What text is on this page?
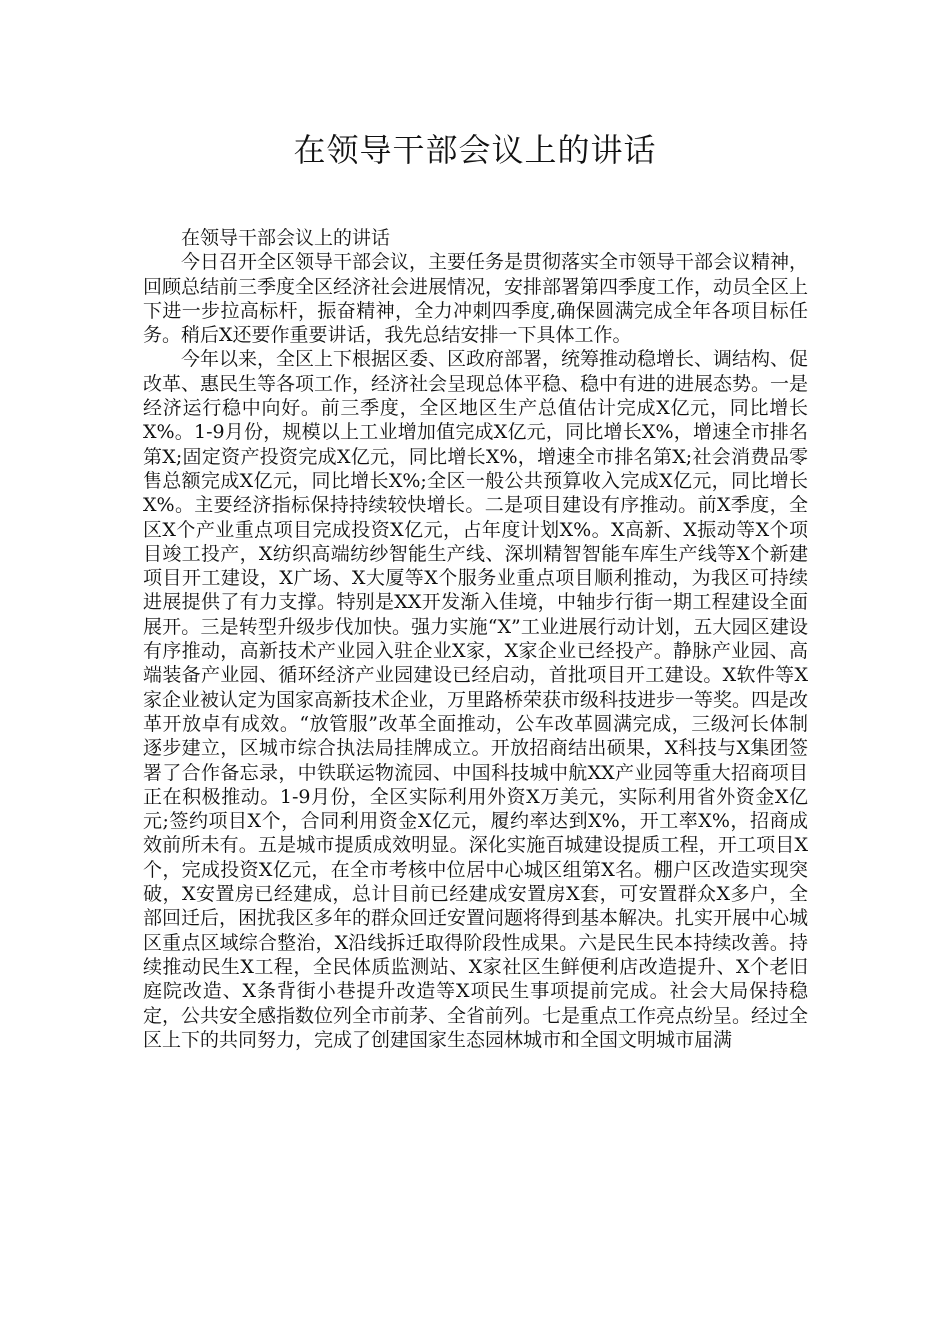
在领导干部会议上的讲话

在领导干部会议上的讲话

今日召开全区领导干部会议，主要任务是贯彻落实全市领导干部会议精神，回顾总结前三季度全区经济社会进展情况，安排部署第四季度工作，动员全区上下进一步拉高标杆，振奋精神，全力冲刺四季度,确保圆满完成全年各项目标任务。稍后X还要作重要讲话，我先总结安排一下具体工作。

今年以来，全区上下根据区委、区政府部署，统筹推动稳增长、调结构、促改革、惠民生等各项工作，经济社会呈现总体平稳、稳中有进的进展态势。一是经济运行稳中向好。前三季度，全区地区生产总值估计完成X亿元，同比增长X%。1-9月份，规模以上工业增加值完成X亿元，同比增长X%，增速全市排名第X;固定资产投资完成X亿元，同比增长X%，增速全市排名第X;社会消费品零售总额完成X亿元，同比增长X%;全区一般公共预算收入完成X亿元，同比增长X%。主要经济指标保持持续较快增长。二是项目建设有序推动。前X季度，全区X个产业重点项目完成投资X亿元，占年度计划X%。X高新、X振动等X个项目竣工投产，X纺织高端纺纱智能生产线、深圳精智智能车库生产线等X个新建项目开工建设，X广场、X大厦等X个服务业重点项目顺利推动，为我区可持续进展提供了有力支撑。特别是XX开发渐入佳境，中轴步行街一期工程建设全面展开。三是转型升级步伐加快。强力实施“X”工业进展行动计划，五大园区建设有序推动，高新技术产业园入驻企业X家，X家企业已经投产。静脉产业园、高端装备产业园、循环经济产业园建设已经启动，首批项目开工建设。X软件等X家企业被认定为国家高新技术企业，万里路桥荣获市级科技进步一等奖。四是改革开放卓有成效。“放管服”改革全面推动，公车改革圆满完成，三级河长体制逐步建立，区城市综合执法局挂牌成立。开放招商结出硕果，X科技与X集团签署了合作备忘录，中铁联运物流园、中国科技城中航XX产业园等重大招商项目正在积极推动。1-9月份，全区实际利用外资X万美元，实际利用省外资金X亿元;签约项目X个，合同利用资金X亿元，履约率达到X%，开工率X%，招商成效前所未有。五是城市提质成效明显。深化实施百城建设提质工程，开工项目X个，完成投资X亿元，在全市考核中位居中心城区组第X名。棚户区改造实现突破，X安置房已经建成，总计目前已经建成安置房X套，可安置群众X多户，全部回迁后，困扰我区多年的群众回迁安置问题将得到基本解决。扎实开展中心城区重点区域综合整治，X沿线拆迁取得阶段性成果。六是民生民本持续改善。持续推动民生X工程，全民体质监测站、X家社区生鲜便利店改造提升、X个老旧庭院改造、X条背街小巷提升改造等X项民生事项提前完成。社会大局保持稳定，公共安全感指数位列全市前茅、全省前列。七是重点工作亮点纷呈。经过全区上下的共同努力，完成了创建国家生态园林城市和全国文明城市届满
